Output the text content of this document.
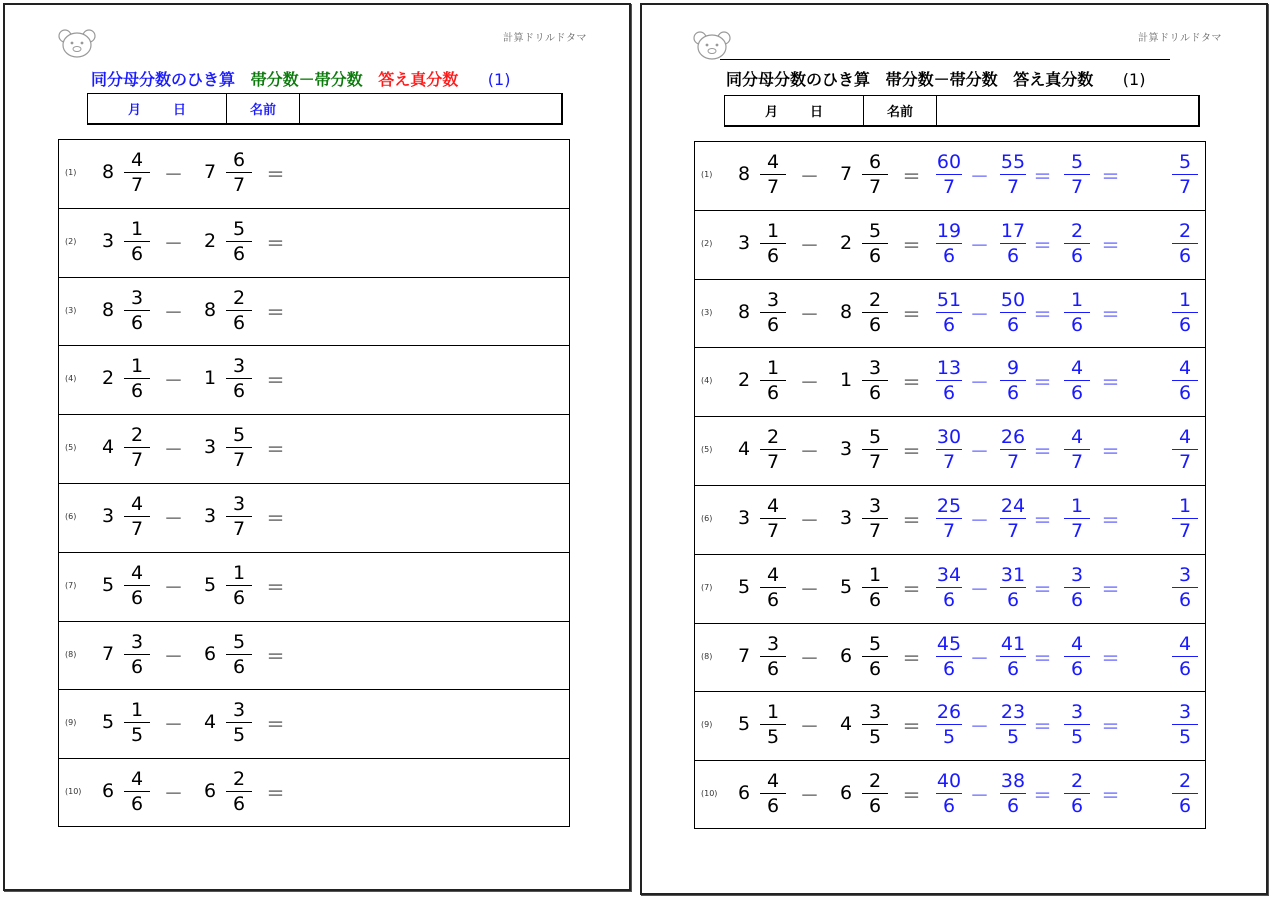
計算ドリルドタマ
同分母分数のひき算 帯分数－帯分数 答え真分数 (1)
月 日	名前
(1) 8
4
7	－ 7
6
7	＝
(2) 3
1
6	－ 2
5
6	＝
(3) 8
3
6	－ 8
2
6	＝
(4) 2
1
6	－ 1
3
6	＝
(5) 4
2
7	－ 3
5
7	＝
(6) 3
4
7	－ 3
3
7	＝
(7) 5
4
6	－ 5
1
6	＝
(8) 7
3
6	－ 6
5
6	＝
(9) 5
1
5	－ 4
3
5	＝
(10) 6
4
6	－ 6
2
6	＝
計算ドリルドタマ
同分母分数のひき算 帯分数－帯分数 答え真分数 (1)
月 日	名前
(1) 8
4
7	－ 7
6
7	＝
60
7 －
55
7 ＝
5
7 ＝
5
7
(2) 3
1
6	－ 2
5
6	＝
19
6 －
17
6 ＝
2
6 ＝
2
6
(3) 8
3
6	－ 8
2
6	＝
51
6 －
50
6 ＝
1
6 ＝
1
6
(4) 2
1
6	－ 1
3
6	＝
13
6 －
9
6 ＝
4
6 ＝
4
6
(5) 4
2
7	－ 3
5
7	＝
30
7 －
26
7 ＝
4
7 ＝
4
7
(6) 3
4
7	－ 3
3
7	＝
25
7 －
24
7 ＝
1
7 ＝
1
7
(7) 5
4
6	－ 5
1
6	＝
34
6 －
31
6 ＝
3
6 ＝
3
6
(8) 7
3
6	－ 6
5
6	＝
45
6 －
41
6 ＝
4
6 ＝
4
6
(9) 5
1
5	－ 4
3
5	＝
26
5 －
23
5 ＝
3
5 ＝
3
5
(10) 6
4
6	－ 6
2
6	＝
40
6 －
38
6 ＝
2
6 ＝
2
6
